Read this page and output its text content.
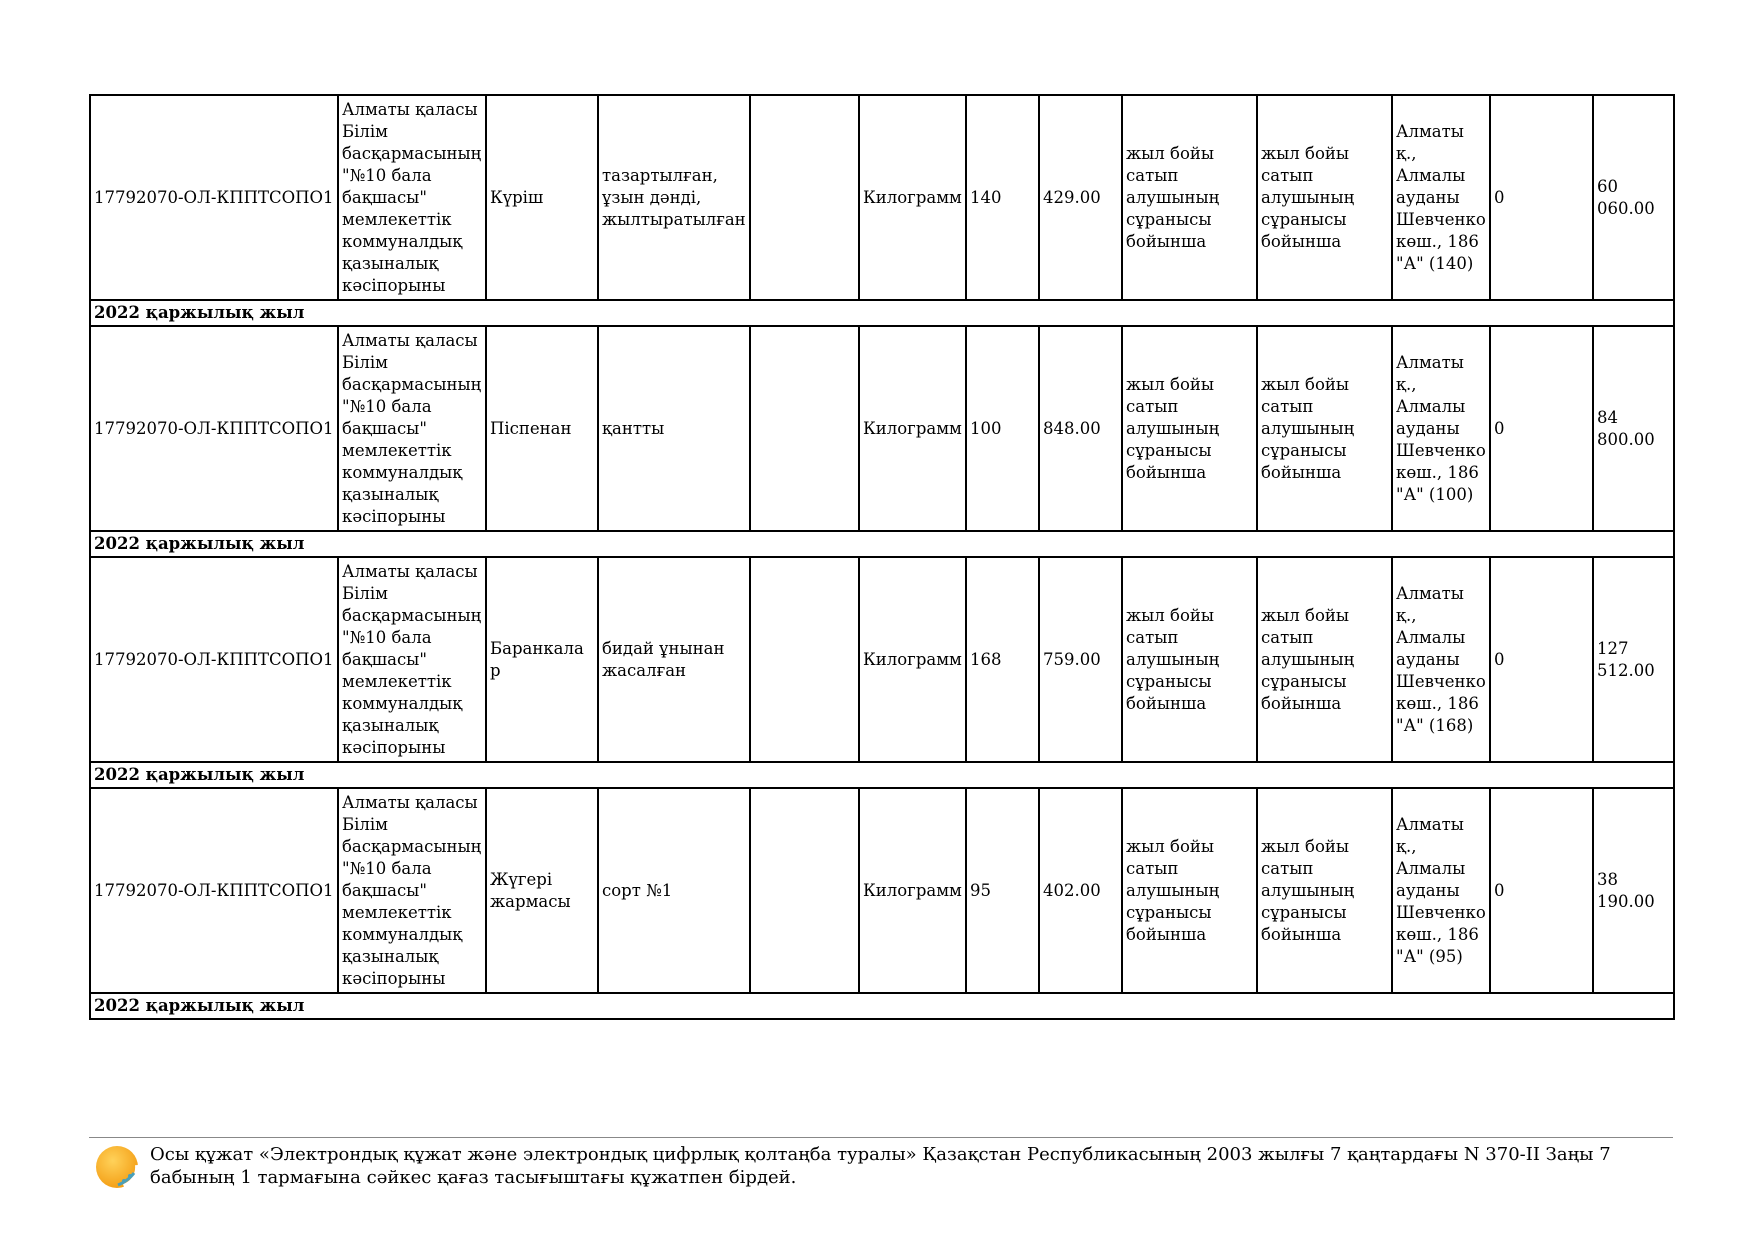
17792070-ОЛ-КППТСОПО1	Алматы қаласы Білім басқармасының "№10 бала бақшасы" мемлекеттік коммуналдық қазыналық кәсіпорыны	Күріш	тазартылған, ұзын дәнді, жылтыратылған		Килограмм	140	429.00	жыл бойы сатып алушының сұранысы бойынша	жыл бойы сатып алушының сұранысы бойынша	Алматы қ., Алмалы ауданы Шевченко көш., 186 "А" (140)	0	60 060.00
2022 қаржылық жыл												
17792070-ОЛ-КППТСОПО1	Алматы қаласы Білім басқармасының "№10 бала бақшасы" мемлекеттік коммуналдық қазыналық кәсіпорыны	Піспенан	қантты		Килограмм	100	848.00	жыл бойы сатып алушының сұранысы бойынша	жыл бойы сатып алушының сұранысы бойынша	Алматы қ., Алмалы ауданы Шевченко көш., 186 "А" (100)	0	84 800.00
2022 қаржылық жыл												
17792070-ОЛ-КППТСОПО1	Алматы қаласы Білім басқармасының "№10 бала бақшасы" мемлекеттік коммуналдық қазыналық кәсіпорыны	Баранкалар	бидай ұнынан жасалған		Килограмм	168	759.00	жыл бойы сатып алушының сұранысы бойынша	жыл бойы сатып алушының сұранысы бойынша	Алматы қ., Алмалы ауданы Шевченко көш., 186 "А" (168)	0	127 512.00
2022 қаржылық жыл												
17792070-ОЛ-КППТСОПО1	Алматы қаласы Білім басқармасының "№10 бала бақшасы" мемлекеттік коммуналдық қазыналық кәсіпорыны	Жүгері жармасы	сорт №1		Килограмм	95	402.00	жыл бойы сатып алушының сұранысы бойынша	жыл бойы сатып алушының сұранысы бойынша	Алматы қ., Алмалы ауданы Шевченко көш., 186 "А" (95)	0	38 190.00
2022 қаржылық жыл												
Осы құжат «Электрондық құжат және электрондық цифрлық қолтаңба туралы» Қазақстан Республикасының 2003 жылғы 7 қаңтардағы N 370-II Заңы 7 бабының 1 тармағына сәйкес қағаз тасығыштағы құжатпен бірдей.
